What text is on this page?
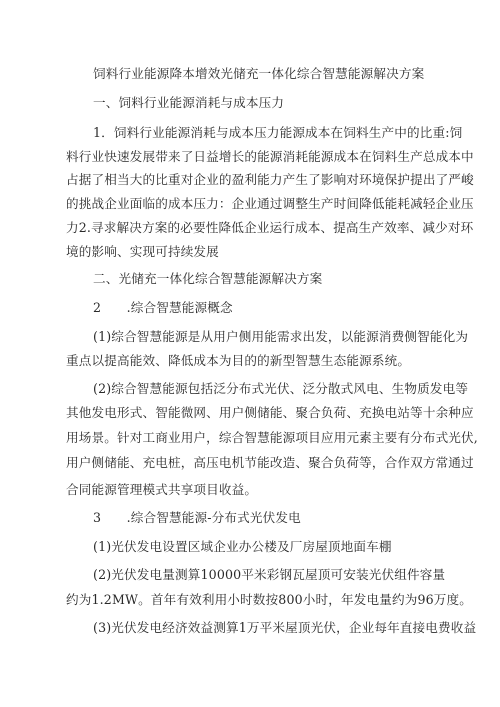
饲料行业能源降本增效光储充一体化综合智慧能源解决方案
一、饲料行业能源消耗与成本压力
1．饲料行业能源消耗与成本压力能源成本在饲料生产中的比重:饲
料行业快速发展带来了日益增长的能源消耗能源成本在饲料生产总成本中
占据了相当大的比重对企业的盈利能力产生了影响对环境保护提出了严峻
的挑战企业面临的成本压力：企业通过调整生产时间降低能耗减轻企业压
力2.寻求解决方案的必要性降低企业运行成本、提高生产效率、减少对环
境的影响、实现可持续发展
二、光储充一体化综合智慧能源解决方案
2　　.综合智慧能源概念
(1)综合智慧能源是从用户侧用能需求出发，以能源消费侧智能化为
重点以提高能效、降低成本为目的的新型智慧生态能源系统。
(2)综合智慧能源包括泛分布式光伏、泛分散式风电、生物质发电等
其他发电形式、智能微网、用户侧储能、聚合负荷、充换电站等十余种应
用场景。针对工商业用户，综合智慧能源项目应用元素主要有分布式光伏,
用户侧储能、充电桩，高压电机节能改造、聚合负荷等，合作双方常通过
合同能源管理模式共享项目收益。
3　　.综合智慧能源-分布式光伏发电
(1)光伏发电设置区域企业办公楼及厂房屋顶地面车棚
(2)光伏发电量测算10000平米彩钢瓦屋顶可安装光伏组件容量
约为1.2MW。首年有效利用小时数按800小时，年发电量约为96万度。
(3)光伏发电经济效益测算1万平米屋顶光伏，企业每年直接电费收益
